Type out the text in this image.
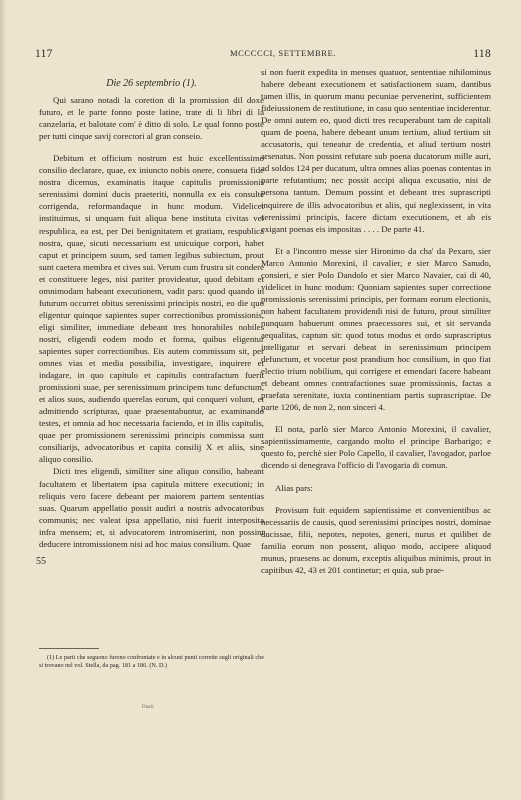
117	MCCCCCI, SETTEMBRE.	118

Die 26 septembrio (1).

Qui sarano notadi la coretion di la promission dil doxe futuro, et le parte fonno poste latine, trate di li libri di la canzelaria, et balotate com' è ditto di solo. Le qual fonno poste per tutti cinque savij corectori al gran conseio.

Debitum et officium nostrum est huic excellentissimo consilio declarare, quae, ex iniuncto nobis onere, consueta fide nostra dicemus, examinatis itaque capitulis promissionis serenissimi domini ducis praeteriti, nonnulla ex eis consulte corrigenda, reformandaque in hunc modum. Videlicet instituimus, si unquam fuit aliqua bene instituta civitas vel respublica, ea est, per Dei benignitatem et gratiam, respublica nostra, quae, sicuti necessarium est unicuique corpori, habet caput et principem suum, sed tamen legibus subiectum, prout sunt caetera membra et cives sui. Verum cum frustra sit condere et constituere leges, nisi pariter provideatur, quod debitam et omnimodam habeant executionem, vadit pars: quod quando in futurum occurret obitus serenissimi principis nostri, eo die quo eligentur quinque sapientes super correctionibus promissionis, eligi similiter, immediate debeant tres honorabiles nobiles nostri, eligendi eodem modo et forma, quibus eligentur sapientes super correctionibus. Eis autem commissum sit, per omnes vias et media possibilia, investigare, inquirere et indagare, in quo capitulo et capitulis contrafactum fuerit promissioni suae, per serenissimum principem tunc defunctum, et alios suos, audiendo querelas eorum, qui conqueri volunt, et admittendo scripturas, quae praesentabuntur, ac examinando testes, et omnia ad hoc necessaria faciendo, et in illis capitulis, quae per promissionem serenissimi principis commissa sunt consiliarijs, advocatoribus et capita consilij X et aliis, sine aliquo consilio.

Dicti tres eligendi, similiter sine aliquo consilio, habeant facultatem et libertatem ipsa capitula mittere executioni; in reliquis vero facere debeant per maiorem partem sententias suas. Quarum appellatio possit audiri a nostris advocatoribus communis; nec valeat ipsa appellatio, nisi fuerit interposita infra mensem; et, si advocatorem intromiserint, non possint deducere intromissionem nisi ad hoc maius consilium. Quae

55
(1) Le parti che seguono furono confrontate e in alcuni punti corrette sugli originali che si trovano nel vol. Stella, da pag. 181 a 186. (N. D.)
Diarii

si non fuerit expedita in menses quatuor, sententiae nihilominus habere debeant executionem et satisfactionem suam, dantibus tamen illis, in quorum manu pecuniae pervenerint, sufficientem fideiussionem de restitutione, in casu quo sententiae inciderentur. De omni autem eo, quod dicti tres recuperabunt tam de capitali quam de poena, habere debeant unum tertium, aliud tertium sit accusatoris, qui teneatur de credentia, et aliud tertium nostri arsenatus. Non possint refutare sub poena ducatorum mille auri, ad soldos 124 per ducatum, ultra omnes alias poenas contentas in parte refutantium; nec possit accipi aliqua excusatio, nisi de persona tantum. Demum possint et debeant tres suprascripti inquirere de illis advocatoribus et aliis, qui neglexissent, in vita serenissimi principis, facere dictam executionem, et ab eis exigant poenas eis impositas . . . . De parte 41.

Et a l'incontro messe sier Hironimo da cha' da Pexaro, sier Marco Antonio Morexini, il cavalier, e sier Marco Sanudo, consieri, e sier Polo Dandolo et sier Marco Navaier, cai di 40, videlicet in hunc modum: Quoniam sapientes super correctione promissionis serenissimi principis, per formam eorum electionis, non habent facultatem providendi nisi de futuro, prout similiter nunquam habuerunt omnes praecessores sui, et sit servanda aequalitas, captum sit: quod totus modus et ordo suprascriptus intelligatur et servari debeat in serenissimum principem defunctum, et vocetur post prandium hoc consilium, in quo fiat electio trium nobilium, qui corrigere et emendari facere habeant et debeant omnes contrafactiones suae promissionis, factas a praefata serenitate, iuxta continentiam partis suprascriptae. De parte 1206, de non 2, non sinceri 4.

El nota, parlò sier Marco Antonio Morexini, il cavalier, sapientissimamente, cargando molto el principe Barbarigo; e questo fo, perchè sier Polo Capello, il cavalier, l'avogador, parloe dicendo si denegrava l'officio di l'avogaria di comun.

Alias pars:

Provisum fuit equidem sapientissime et convenientibus ac necessariis de causis, quod serenissimi principes nostri, dominae ducissae, filii, nepotes, nepotes, generi, nurus et quilibet de familia eorum non possent, aliquo modo, accipere aliquod munus, praesens ac donum, exceptis aliquibus minimis, prout in capitibus 42, 43 et 201 continetur; et quia, sub prae-
